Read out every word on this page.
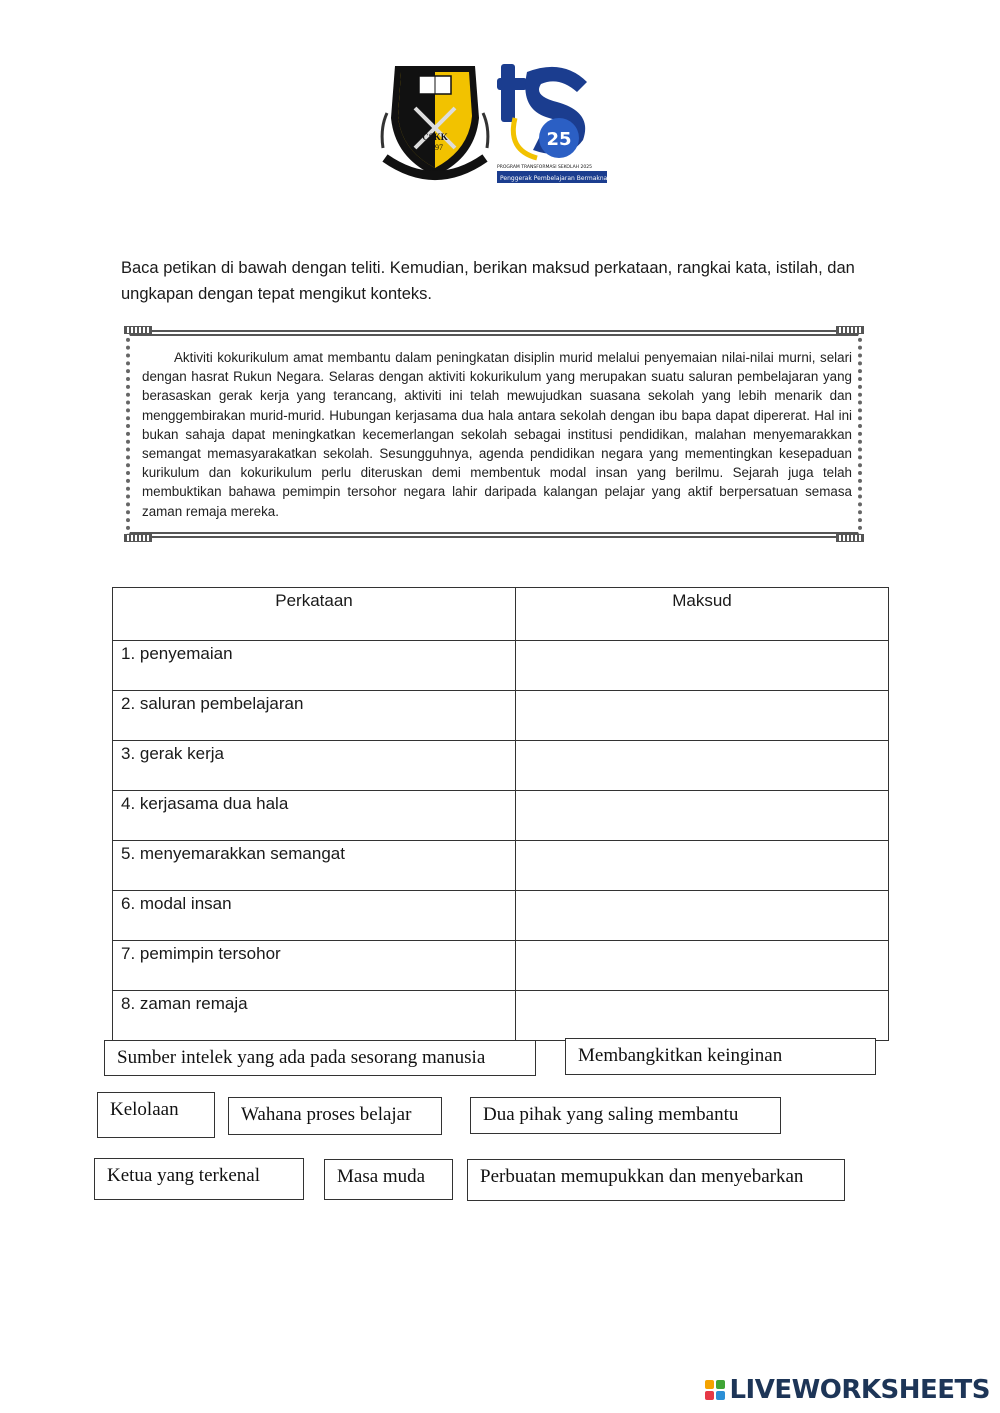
CSKK
1897	25
PROGRAM TRANSFORMASI SEKOLAH 2025
Penggerak Pembelajaran Bermakna
Baca petikan di bawah dengan teliti. Kemudian, berikan maksud perkataan, rangkai kata, istilah, dan ungkapan dengan tepat mengikut konteks.
Aktiviti kokurikulum amat membantu dalam peningkatan disiplin murid melalui penyemaian nilai-nilai murni, selari dengan hasrat Rukun Negara. Selaras dengan aktiviti kokurikulum yang merupakan suatu saluran pembelajaran yang berasaskan gerak kerja yang terancang, aktiviti ini telah mewujudkan suasana sekolah yang lebih menarik dan menggembirakan murid-murid. Hubungan kerjasama dua hala antara sekolah dengan ibu bapa dapat dipererat. Hal ini bukan sahaja dapat meningkatkan kecemerlangan sekolah sebagai institusi pendidikan, malahan menyemarakkan semangat memasyarakatkan sekolah. Sesungguhnya, agenda pendidikan negara yang mementingkan kesepaduan kurikulum dan kokurikulum perlu diteruskan demi membentuk modal insan yang berilmu. Sejarah juga telah membuktikan bahawa pemimpin tersohor negara lahir daripada kalangan pelajar yang aktif berpersatuan semasa zaman remaja mereka.
Perkataan	Maksud
1. penyemaian	
2. saluran pembelajaran	
3. gerak kerja	
4. kerjasama dua hala	
5. menyemarakkan semangat	
6. modal insan	
7. pemimpin tersohor	
8. zaman remaja	
Sumber intelek yang ada pada sesorang manusia	Membangkitkan keinginan
Kelolaan	Wahana proses belajar	Dua pihak yang saling membantu
Ketua yang terkenal	Masa muda	Perbuatan memupukkan dan menyebarkan
LIVEWORKSHEETS
